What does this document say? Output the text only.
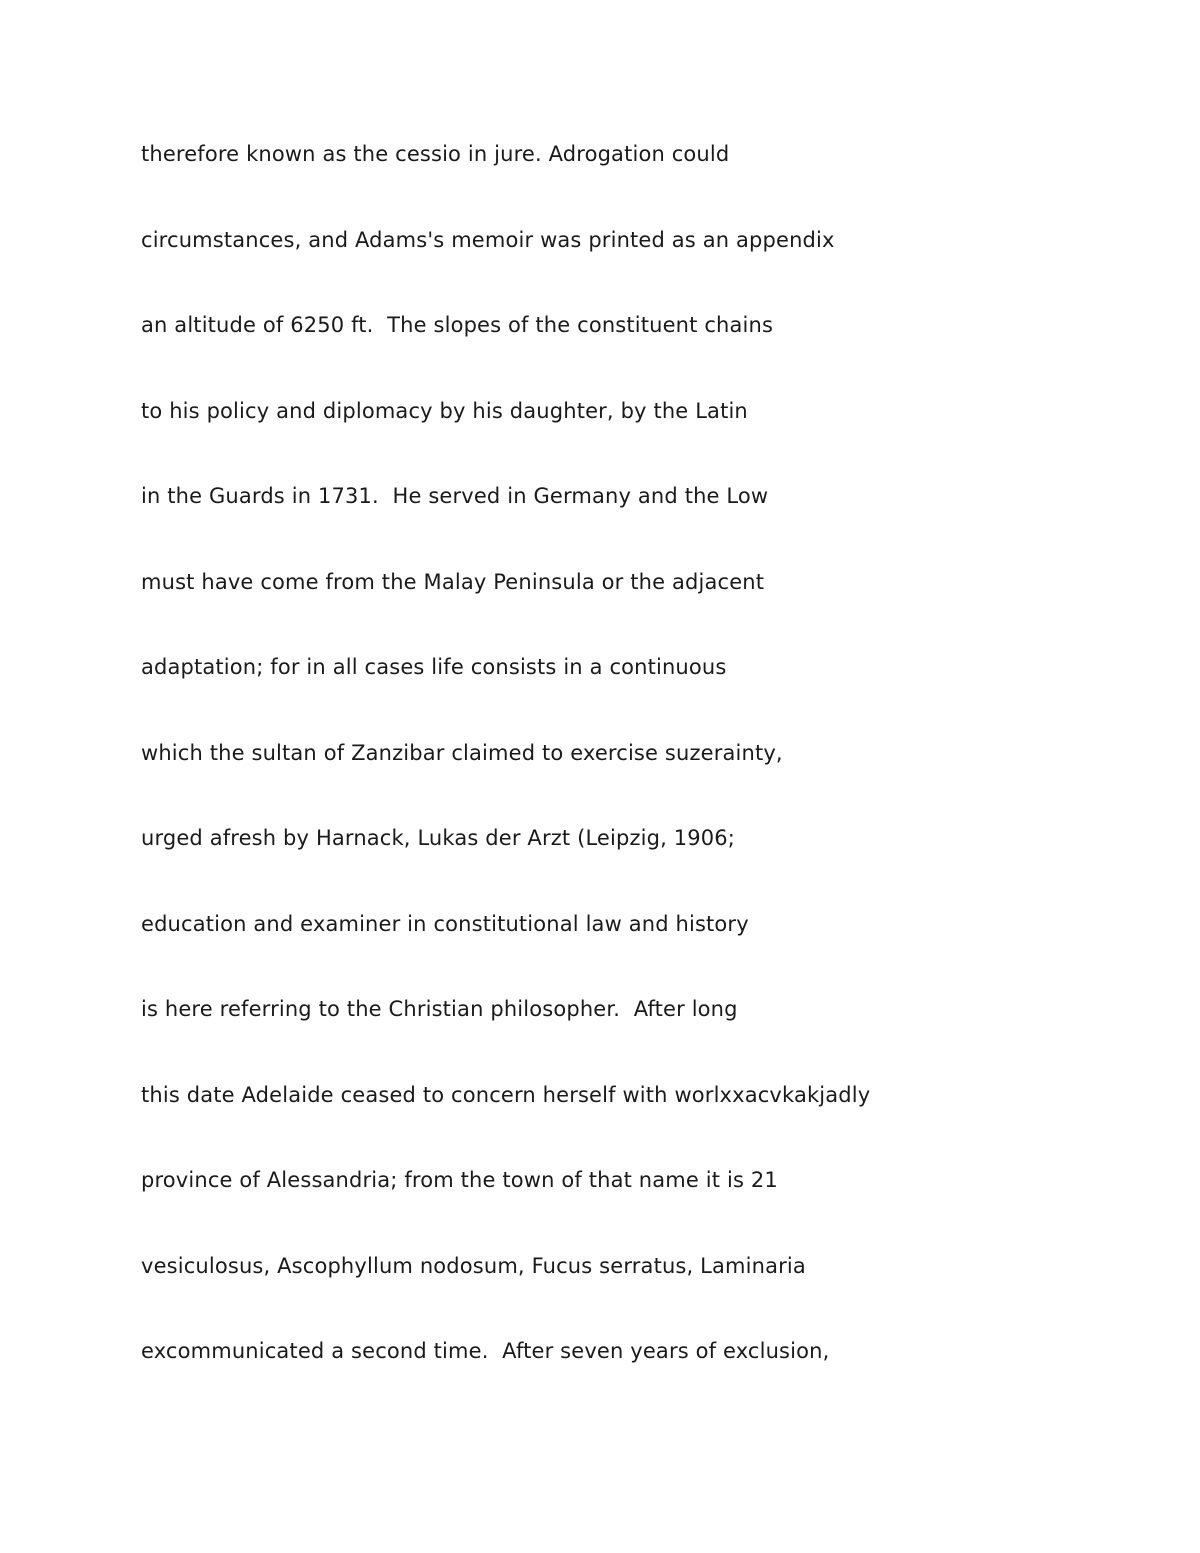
therefore known as the cessio in jure. Adrogation could
circumstances, and Adams's memoir was printed as an appendix
an altitude of 6250 ft.  The slopes of the constituent chains
to his policy and diplomacy by his daughter, by the Latin
in the Guards in 1731.  He served in Germany and the Low
must have come from the Malay Peninsula or the adjacent
adaptation; for in all cases life consists in a continuous
which the sultan of Zanzibar claimed to exercise suzerainty,
urged afresh by Harnack, Lukas der Arzt (Leipzig, 1906;
education and examiner in constitutional law and history
is here referring to the Christian philosopher.  After long
this date Adelaide ceased to concern herself with worlxxacvkakjadly
province of Alessandria; from the town of that name it is 21
vesiculosus, Ascophyllum nodosum, Fucus serratus, Laminaria
excommunicated a second time.  After seven years of exclusion,
